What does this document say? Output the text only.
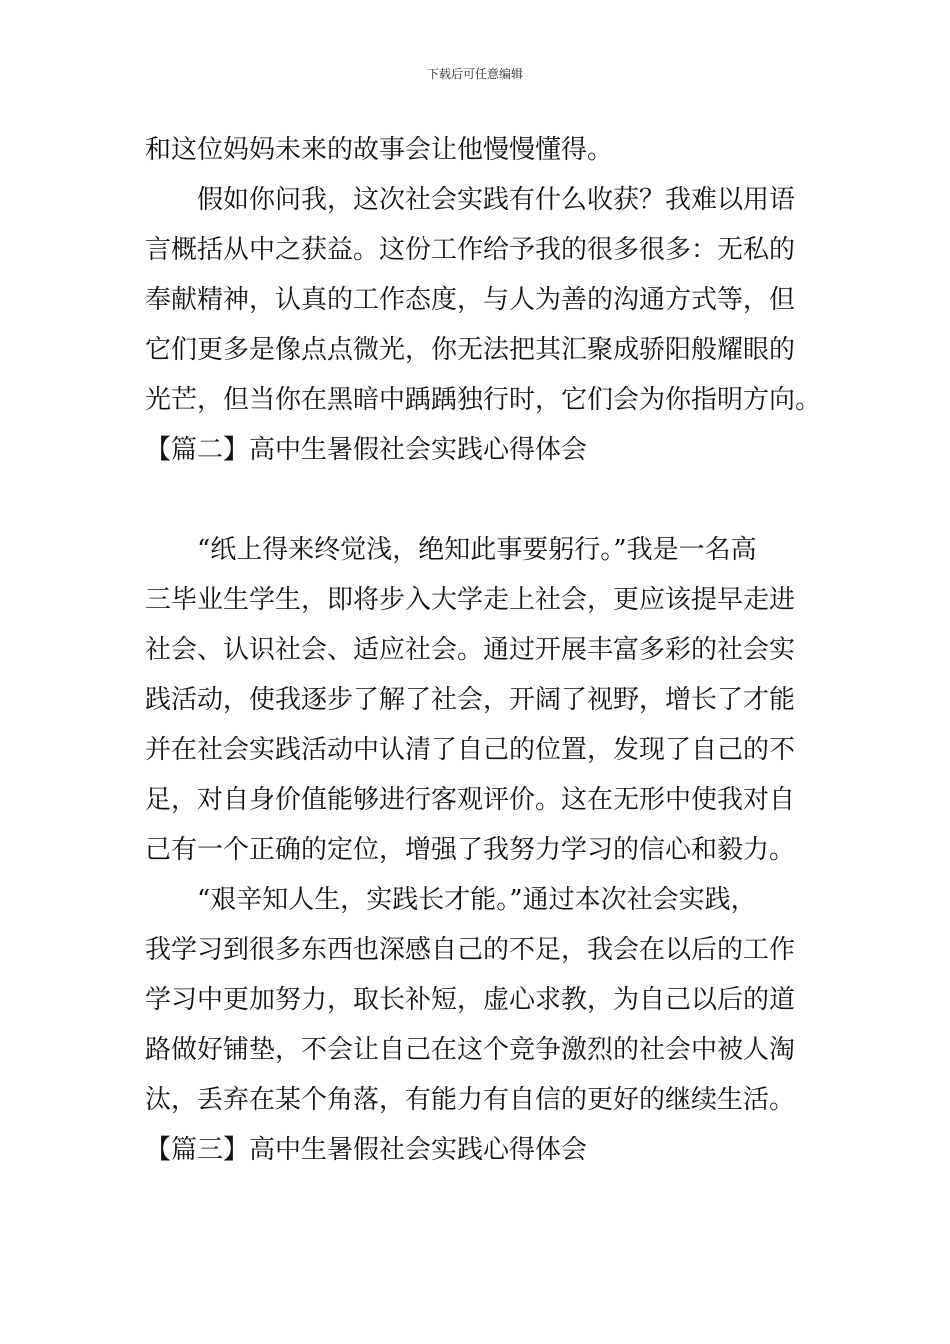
下载后可任意编辑
和这位妈妈未来的故事会让他慢慢懂得。
假如你问我，这次社会实践有什么收获？我难以用语
言概括从中之获益。这份工作给予我的很多很多：无私的
奉献精神，认真的工作态度，与人为善的沟通方式等，但
它们更多是像点点微光，你无法把其汇聚成骄阳般耀眼的
光芒，但当你在黑暗中踽踽独行时，它们会为你指明方向。
【篇二】高中生暑假社会实践心得体会
“纸上得来终觉浅，绝知此事要躬行。”我是一名高
三毕业生学生，即将步入大学走上社会，更应该提早走进
社会、认识社会、适应社会。通过开展丰富多彩的社会实
践活动，使我逐步了解了社会，开阔了视野，增长了才能
并在社会实践活动中认清了自己的位置，发现了自己的不
足，对自身价值能够进行客观评价。这在无形中使我对自
己有一个正确的定位，增强了我努力学习的信心和毅力。
“艰辛知人生，实践长才能。”通过本次社会实践，
我学习到很多东西也深感自己的不足，我会在以后的工作
学习中更加努力，取长补短，虚心求教，为自己以后的道
路做好铺垫，不会让自己在这个竞争激烈的社会中被人淘
汰，丢弃在某个角落，有能力有自信的更好的继续生活。
【篇三】高中生暑假社会实践心得体会
